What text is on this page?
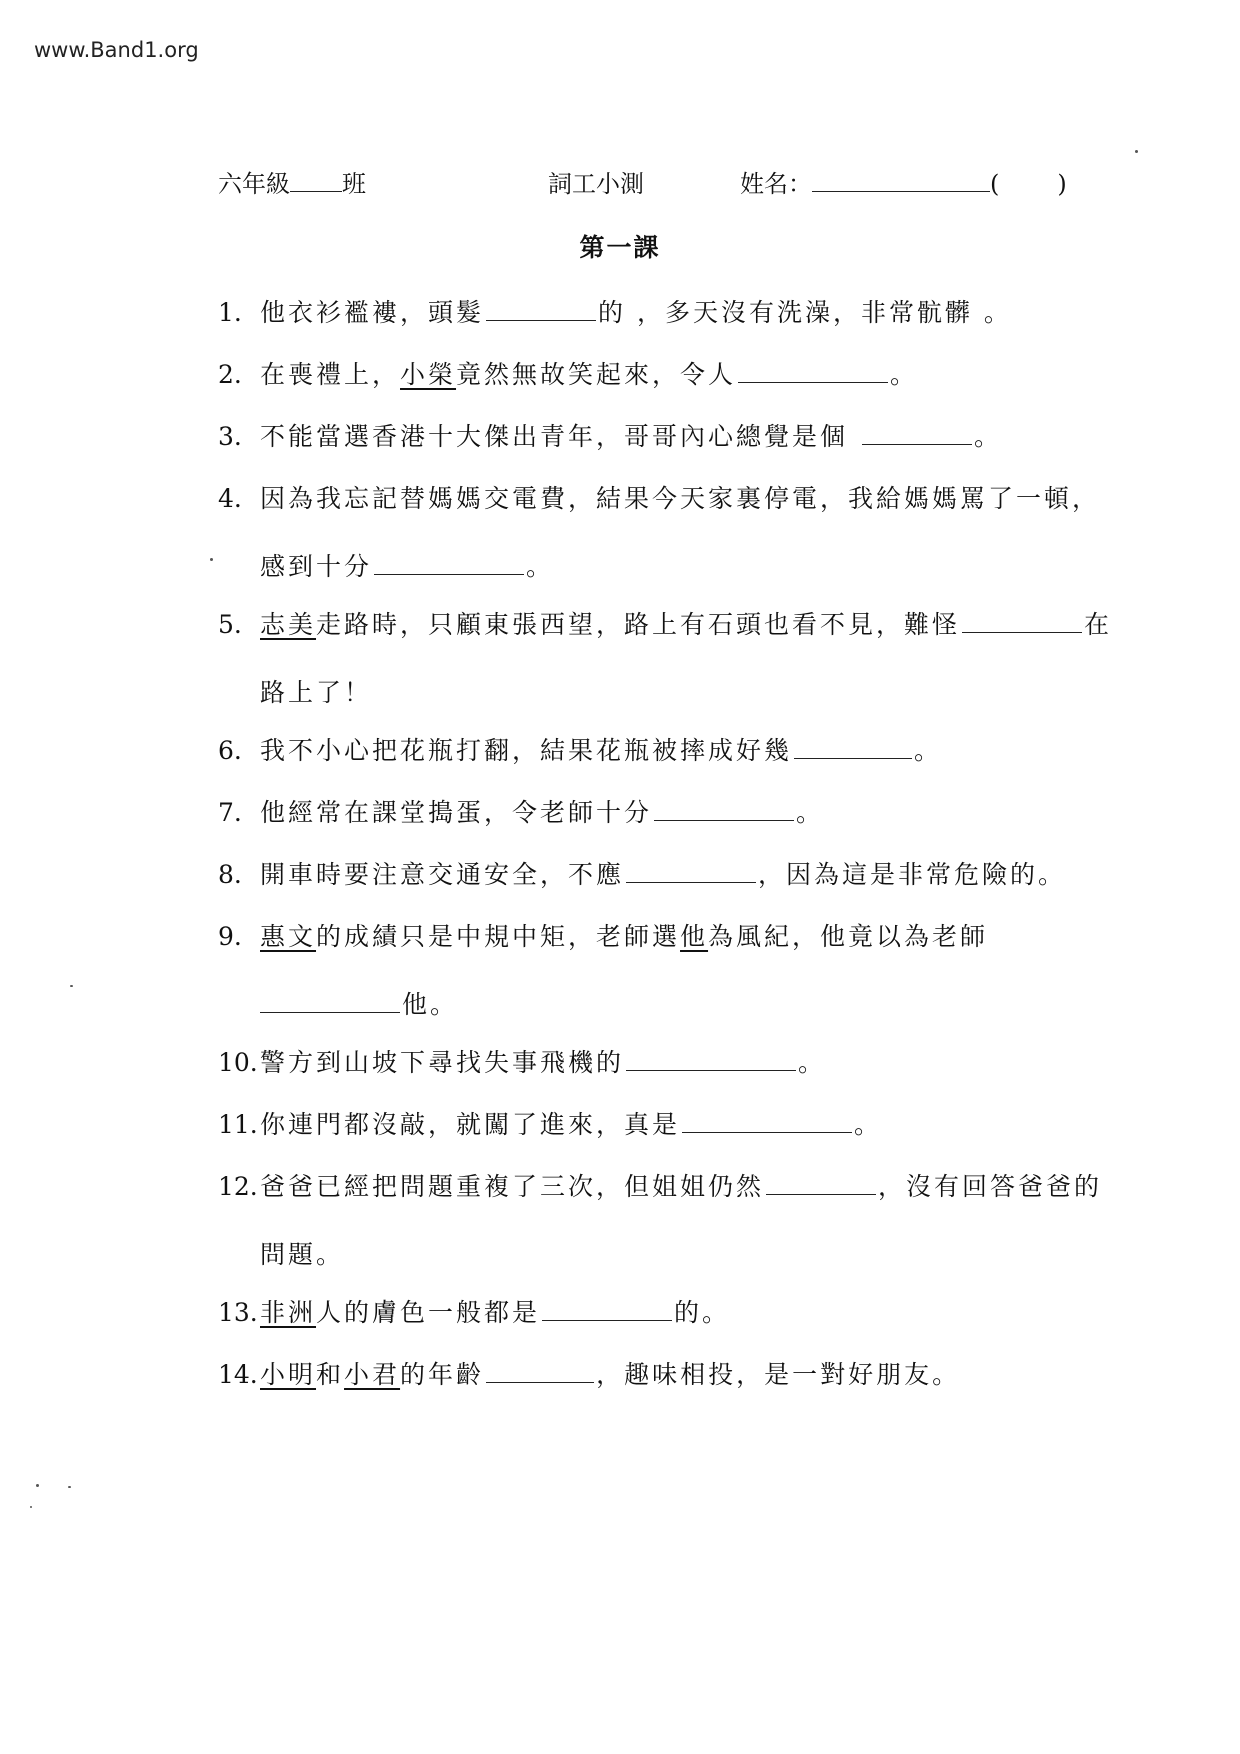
www.Band1.org
六年級 班	詞工小測	姓名：	( )
第一課
1. 他衣衫襤褸，頭髮	的 ，多天沒有洗澡，非常骯髒 。
2. 在喪禮上，小榮竟然無故笑起來，令人	。
3. 不能當選香港十大傑出青年，哥哥內心總覺是個	。
4. 因為我忘記替媽媽交電費，結果今天家裏停電，我給媽媽罵了一頓，
感到十分	。
5. 志美走路時，只顧東張西望，路上有石頭也看不見，難怪	在
路上了！
6. 我不小心把花瓶打翻，結果花瓶被摔成好幾	。
7. 他經常在課堂搗蛋，令老師十分	。
8. 開車時要注意交通安全，不應	，因為這是非常危險的。
9. 惠文的成績只是中規中矩，老師選他為風紀，他竟以為老師
他。
10.警方到山坡下尋找失事飛機的	。
11.你連門都沒敲，就闖了進來，真是	。
12.爸爸已經把問題重複了三次，但姐姐仍然	，沒有回答爸爸的
問題。
13.非洲人的膚色一般都是	的。
14.小明和小君的年齡	，趣味相投，是一對好朋友。
